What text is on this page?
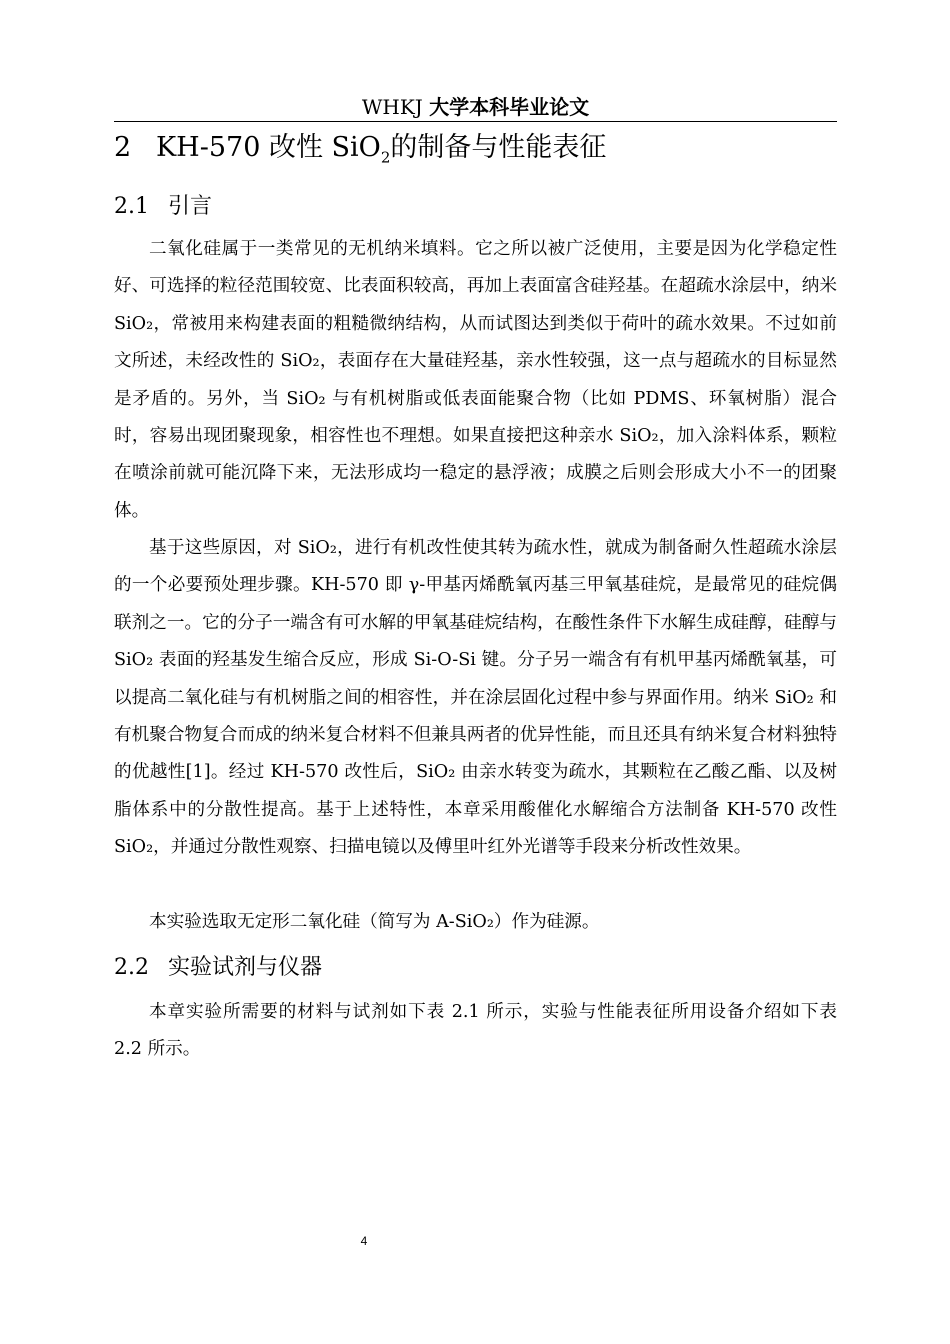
WHKJ 大学本科毕业论文
2 KH-570 改性 SiO$_2$的制备与性能表征
2.1 引言

二氧化硅属于一类常见的无机纳米填料。它之所以被广泛使用，主要是因为化学稳定性好、可选择的粒径范围较宽、比表面积较高，再加上表面富含硅羟基。在超疏水涂层中，纳米 SiO₂，常被用来构建表面的粗糙微纳结构，从而试图达到类似于荷叶的疏水效果。不过如前文所述，未经改性的 SiO₂，表面存在大量硅羟基，亲水性较强，这一点与超疏水的目标显然是矛盾的。另外，当 SiO₂ 与有机树脂或低表面能聚合物（比如 PDMS、环氧树脂）混合时，容易出现团聚现象，相容性也不理想。如果直接把这种亲水 SiO₂，加入涂料体系，颗粒在喷涂前就可能沉降下来，无法形成均一稳定的悬浮液；成膜之后则会形成大小不一的团聚体。

基于这些原因，对 SiO₂，进行有机改性使其转为疏水性，就成为制备耐久性超疏水涂层的一个必要预处理步骤。KH-570 即 γ-甲基丙烯酰氧丙基三甲氧基硅烷，是最常见的硅烷偶联剂之一。它的分子一端含有可水解的甲氧基硅烷结构，在酸性条件下水解生成硅醇，硅醇与 SiO₂ 表面的羟基发生缩合反应，形成 Si-O-Si 键。分子另一端含有有机甲基丙烯酰氧基，可以提高二氧化硅与有机树脂之间的相容性，并在涂层固化过程中参与界面作用。纳米 SiO₂ 和有机聚合物复合而成的纳米复合材料不但兼具两者的优异性能，而且还具有纳米复合材料独特的优越性[1]。经过 KH-570 改性后，SiO₂ 由亲水转变为疏水，其颗粒在乙酸乙酯、以及树脂体系中的分散性提高。基于上述特性，本章采用酸催化水解缩合方法制备 KH-570 改性 SiO₂，并通过分散性观察、扫描电镜以及傅里叶红外光谱等手段来分析改性效果。

本实验选取无定形二氧化硅（简写为 A-SiO₂）作为硅源。

2.2 实验试剂与仪器

本章实验所需要的材料与试剂如下表 2.1 所示，实验与性能表征所用设备介绍如下表 2.2 所示。

4
